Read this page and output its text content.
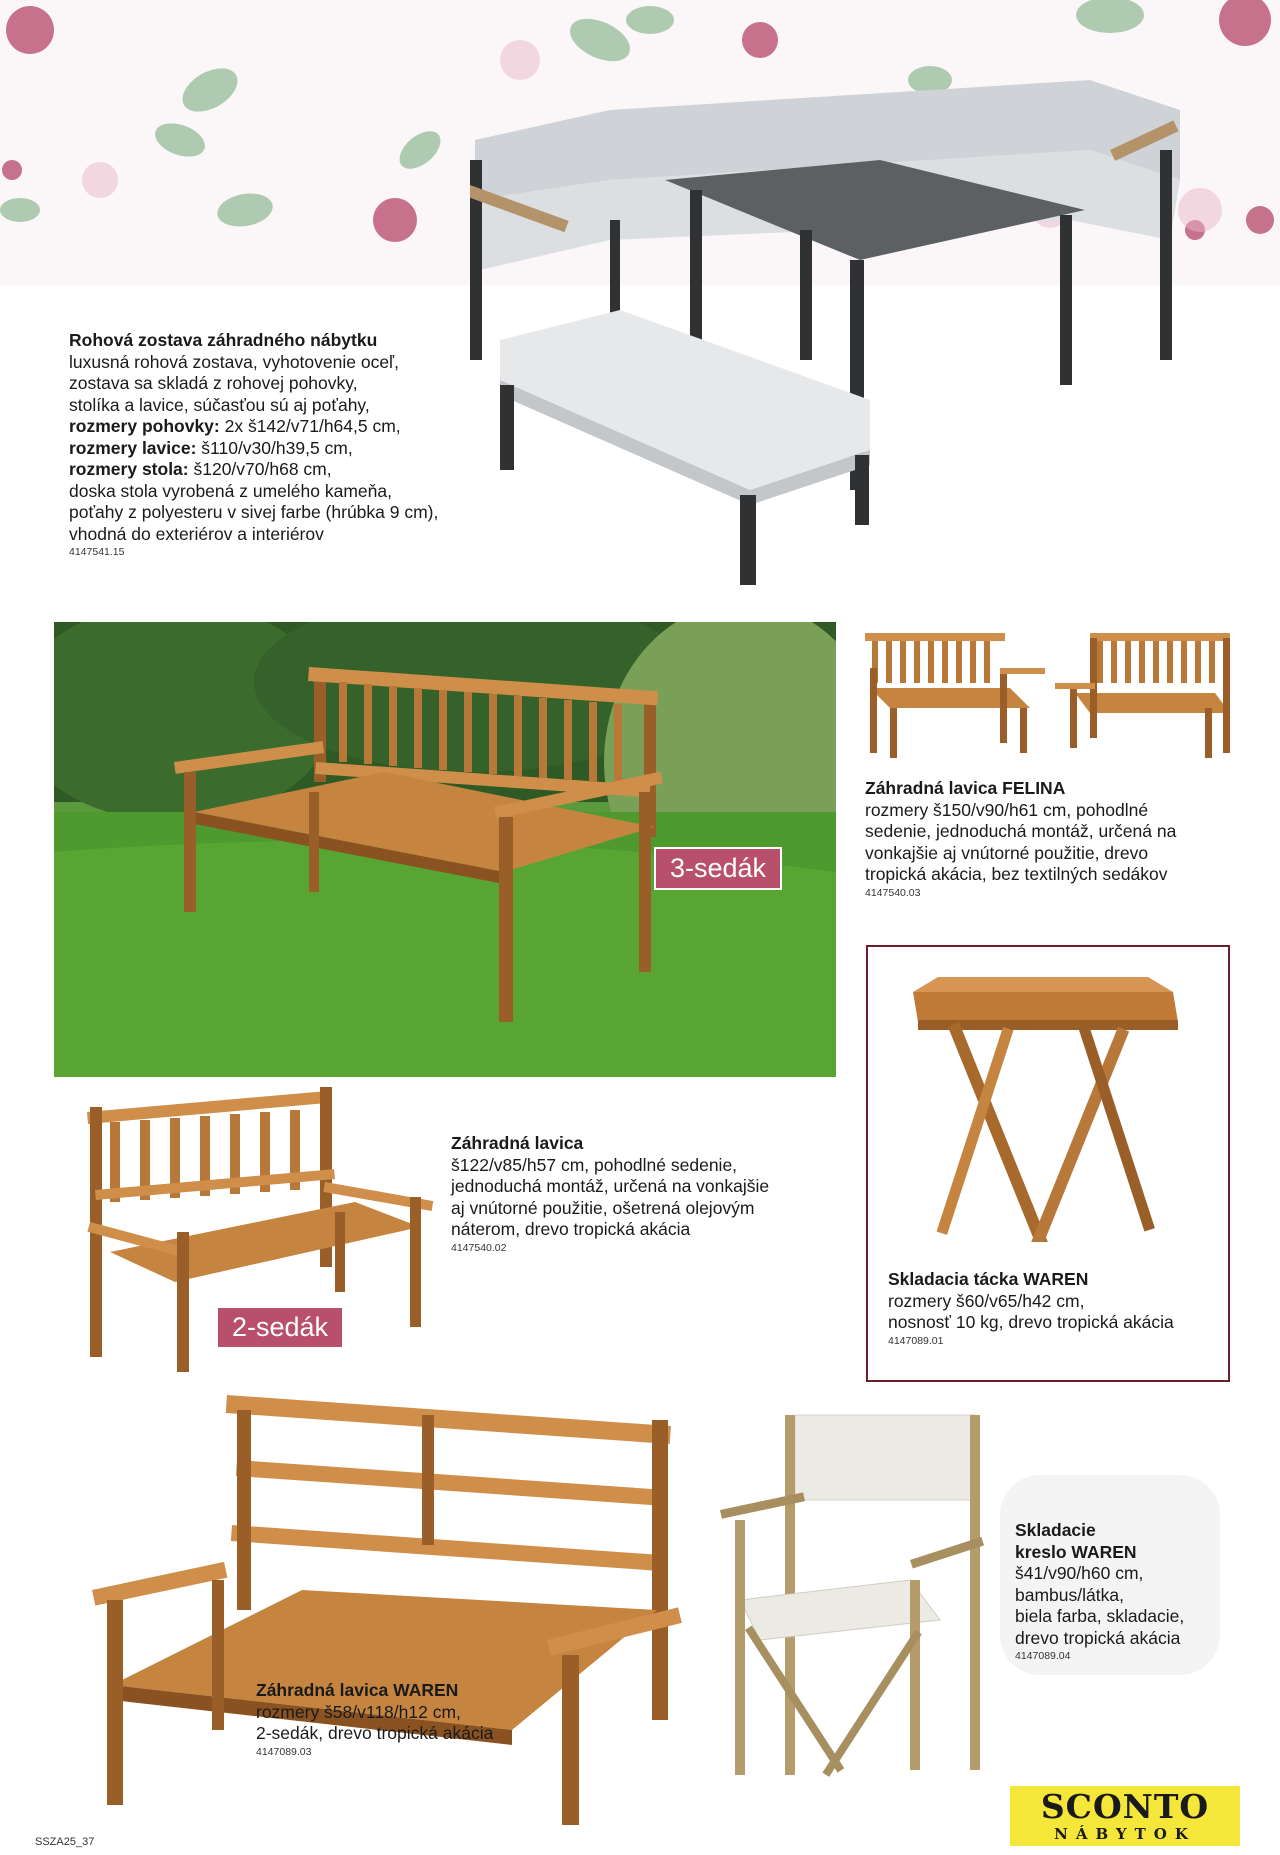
Rohová zostava záhradného nábytku
luxusná rohová zostava, vyhotovenie oceľ,
zostava sa skladá z rohovej pohovky,
stolíka a lavice, súčasťou sú aj poťahy,
rozmery pohovky: 2x š142/v71/h64,5 cm,
rozmery lavice: š110/v30/h39,5 cm,
rozmery stola: š120/v70/h68 cm,
doska stola vyrobená z umelého kameňa,
poťahy z polyesteru v sivej farbe (hrúbka 9 cm),
vhodná do exteriérov a interiérov
4147541.15
3-sedák
Záhradná lavica FELINA
rozmery š150/v90/h61 cm, pohodlné
sedenie, jednoduchá montáž, určená na
vonkajšie aj vnútorné použitie, drevo
tropická akácia, bez textilných sedákov
4147540.03
Skladacia tácka WAREN
rozmery š60/v65/h42 cm,
nosnosť 10 kg, drevo tropická akácia
4147089.01
2-sedák
Záhradná lavica
š122/v85/h57 cm, pohodlné sedenie,
jednoduchá montáž, určená na vonkajšie
aj vnútorné použitie, ošetrená olejovým
náterom, drevo tropická akácia
4147540.02
Záhradná lavica WAREN
rozmery š58/v118/h12 cm,
2-sedák, drevo tropická akácia
4147089.03
Skladacie
kreslo WAREN
š41/v90/h60 cm,
bambus/látka,
biela farba, skladacie,
drevo tropická akácia
4147089.04
SSZA25_37
SCONTO
NÁBYTOK
